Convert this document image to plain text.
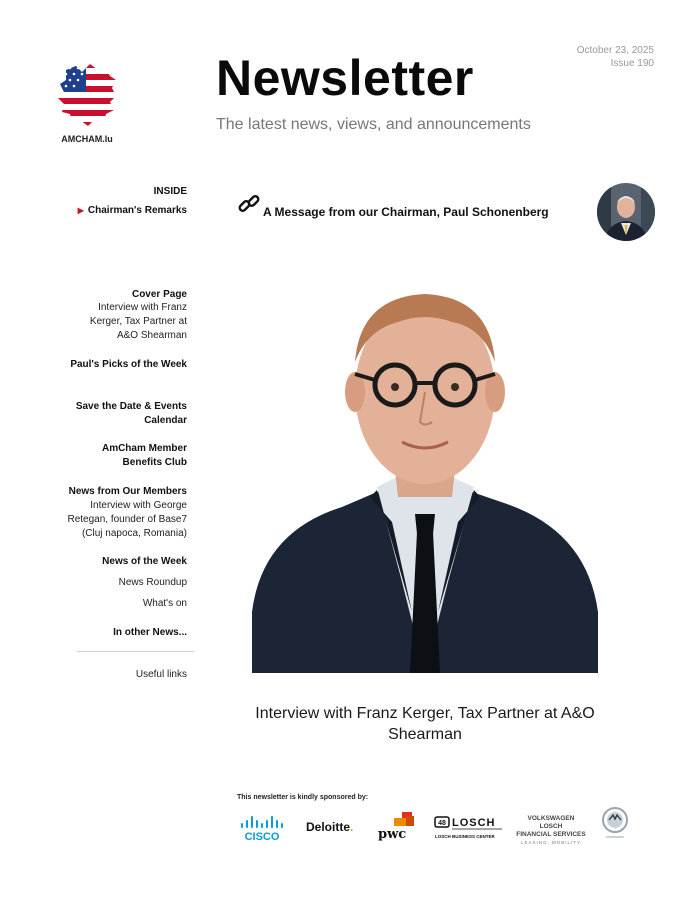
AMCHAM.lu
Newsletter
The latest news, views, and announcements
October 23, 2025
Issue 190
INSIDE
▶ Chairman's Remarks
Cover Page
Interview with Franz Kerger, Tax Partner at A&O Shearman
Paul's Picks of the Week
Save the Date & Events Calendar
AmCham Member Benefits Club
News from Our Members
Interview with George Retegan, founder of Base7 (Cluj napoca, Romania)
News of the Week
News Roundup
What's on
In other News...
Useful links
A Message from our Chairman, Paul Schonenberg
Interview with Franz Kerger, Tax Partner at A&O Shearman
This newsletter is kindly sponsored by:
CISCO
Deloitte. pwc
48 LOSCH
LOSCH BUSINESS CENTER
VOLKSWAGEN LOSCH
FINANCIAL SERVICES
LEASING, MOBILITY
